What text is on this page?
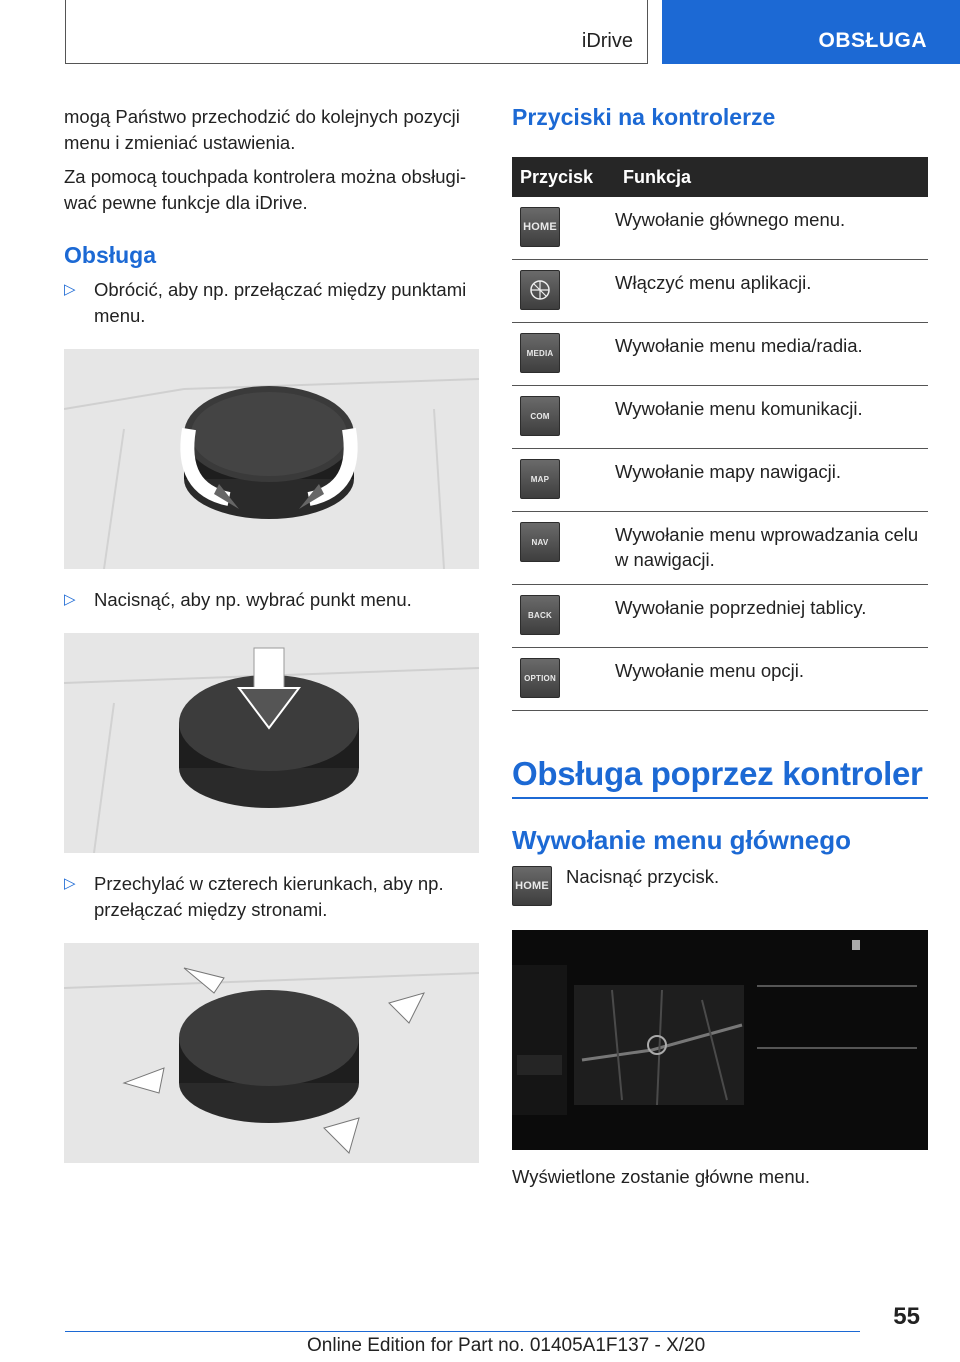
iDrive	OBSŁUGA

mogą Państwo przechodzić do kolejnych pozycji menu i zmieniać ustawienia.

Za pomocą touchpada kontrolera można obsługi-wać pewne funkcje dla iDrive.

Obsługa
▷ Obrócić, aby np. przełączać między punktami menu.
▷ Nacisnąć, aby np. wybrać punkt menu.
▷ Przechylać w czterech kierunkach, aby np. przełączać między stronami.
Przyciski na kontrolerze
Przycisk	Funkcja

HOME	Wywołanie głównego menu.

	Włączyć menu aplikacji.

MEDIA	Wywołanie menu media/radia.

COM	Wywołanie menu komunikacji.

MAP	Wywołanie mapy nawigacji.

NAV	Wywołanie menu wprowadzania celu w nawigacji.

BACK	Wywołanie poprzedniej tablicy.

OPTION	Wywołanie menu opcji.
Obsługa poprzez kontroler
Wywołanie menu głównego
HOME Nacisnąć przycisk.
Wyświetlone zostanie główne menu.
55
Online Edition for Part no. 01405A1F137 - X/20
